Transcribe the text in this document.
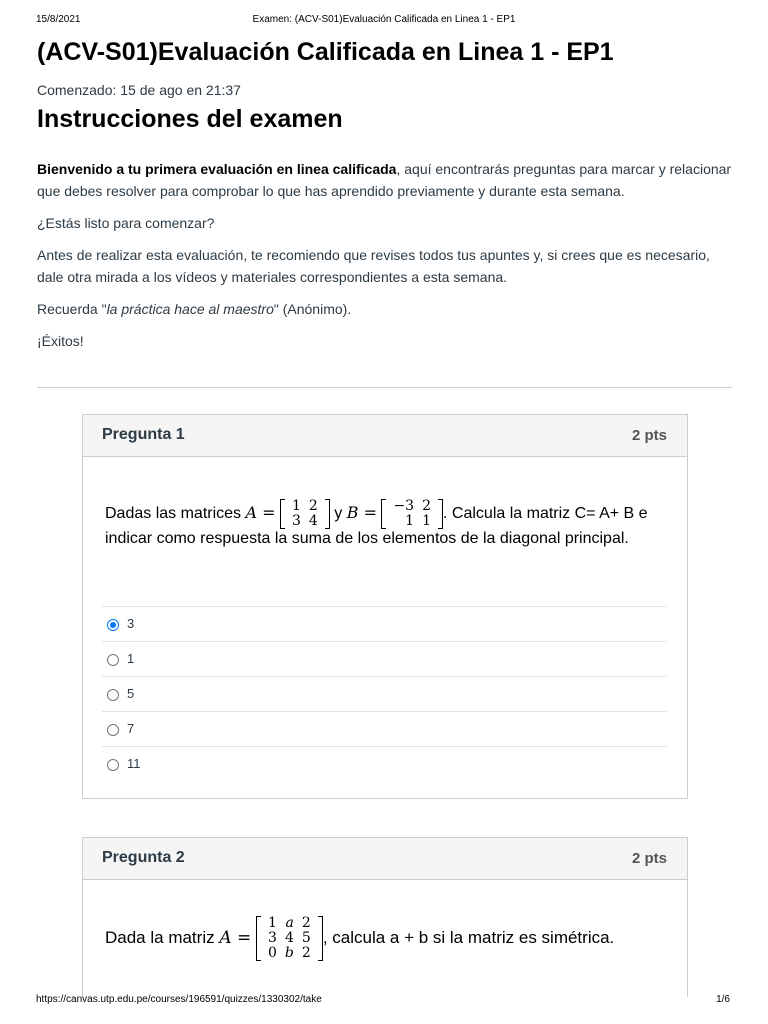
15/8/2021	Examen: (ACV-S01)Evaluación Calificada en Linea 1 - EP1
(ACV-S01)Evaluación Calificada en Linea 1 - EP1
Comenzado: 15 de ago en 21:37
Instrucciones del examen

Bienvenido a tu primera evaluación en linea calificada, aquí encontrarás preguntas para marcar y relacionar que debes resolver para comprobar lo que has aprendido previamente y durante esta semana.

¿Estás listo para comenzar?

Antes de realizar esta evaluación, te recomiendo que revises todos tus apuntes y, si crees que es necesario, dale otra mirada a los vídeos y materiales correspondientes a esta semana.

Recuerda "la práctica hace al maestro" (Anónimo).

¡Éxitos!

Pregunta 1	2 pts
Dadas las matrices A = 1 2
3 4 y B = −3 2
1 1 . Calcula la matriz C= A+ B e indicar como respuesta la suma de los elementos de la diagonal principal.
3
1
5
7
11
Pregunta 2	2 pts
Dada la matriz A =
1 a 2
3 4 5
0 b 2
, calcula a + b si la matriz es simétrica.
https://canvas.utp.edu.pe/courses/196591/quizzes/1330302/take	1/6
